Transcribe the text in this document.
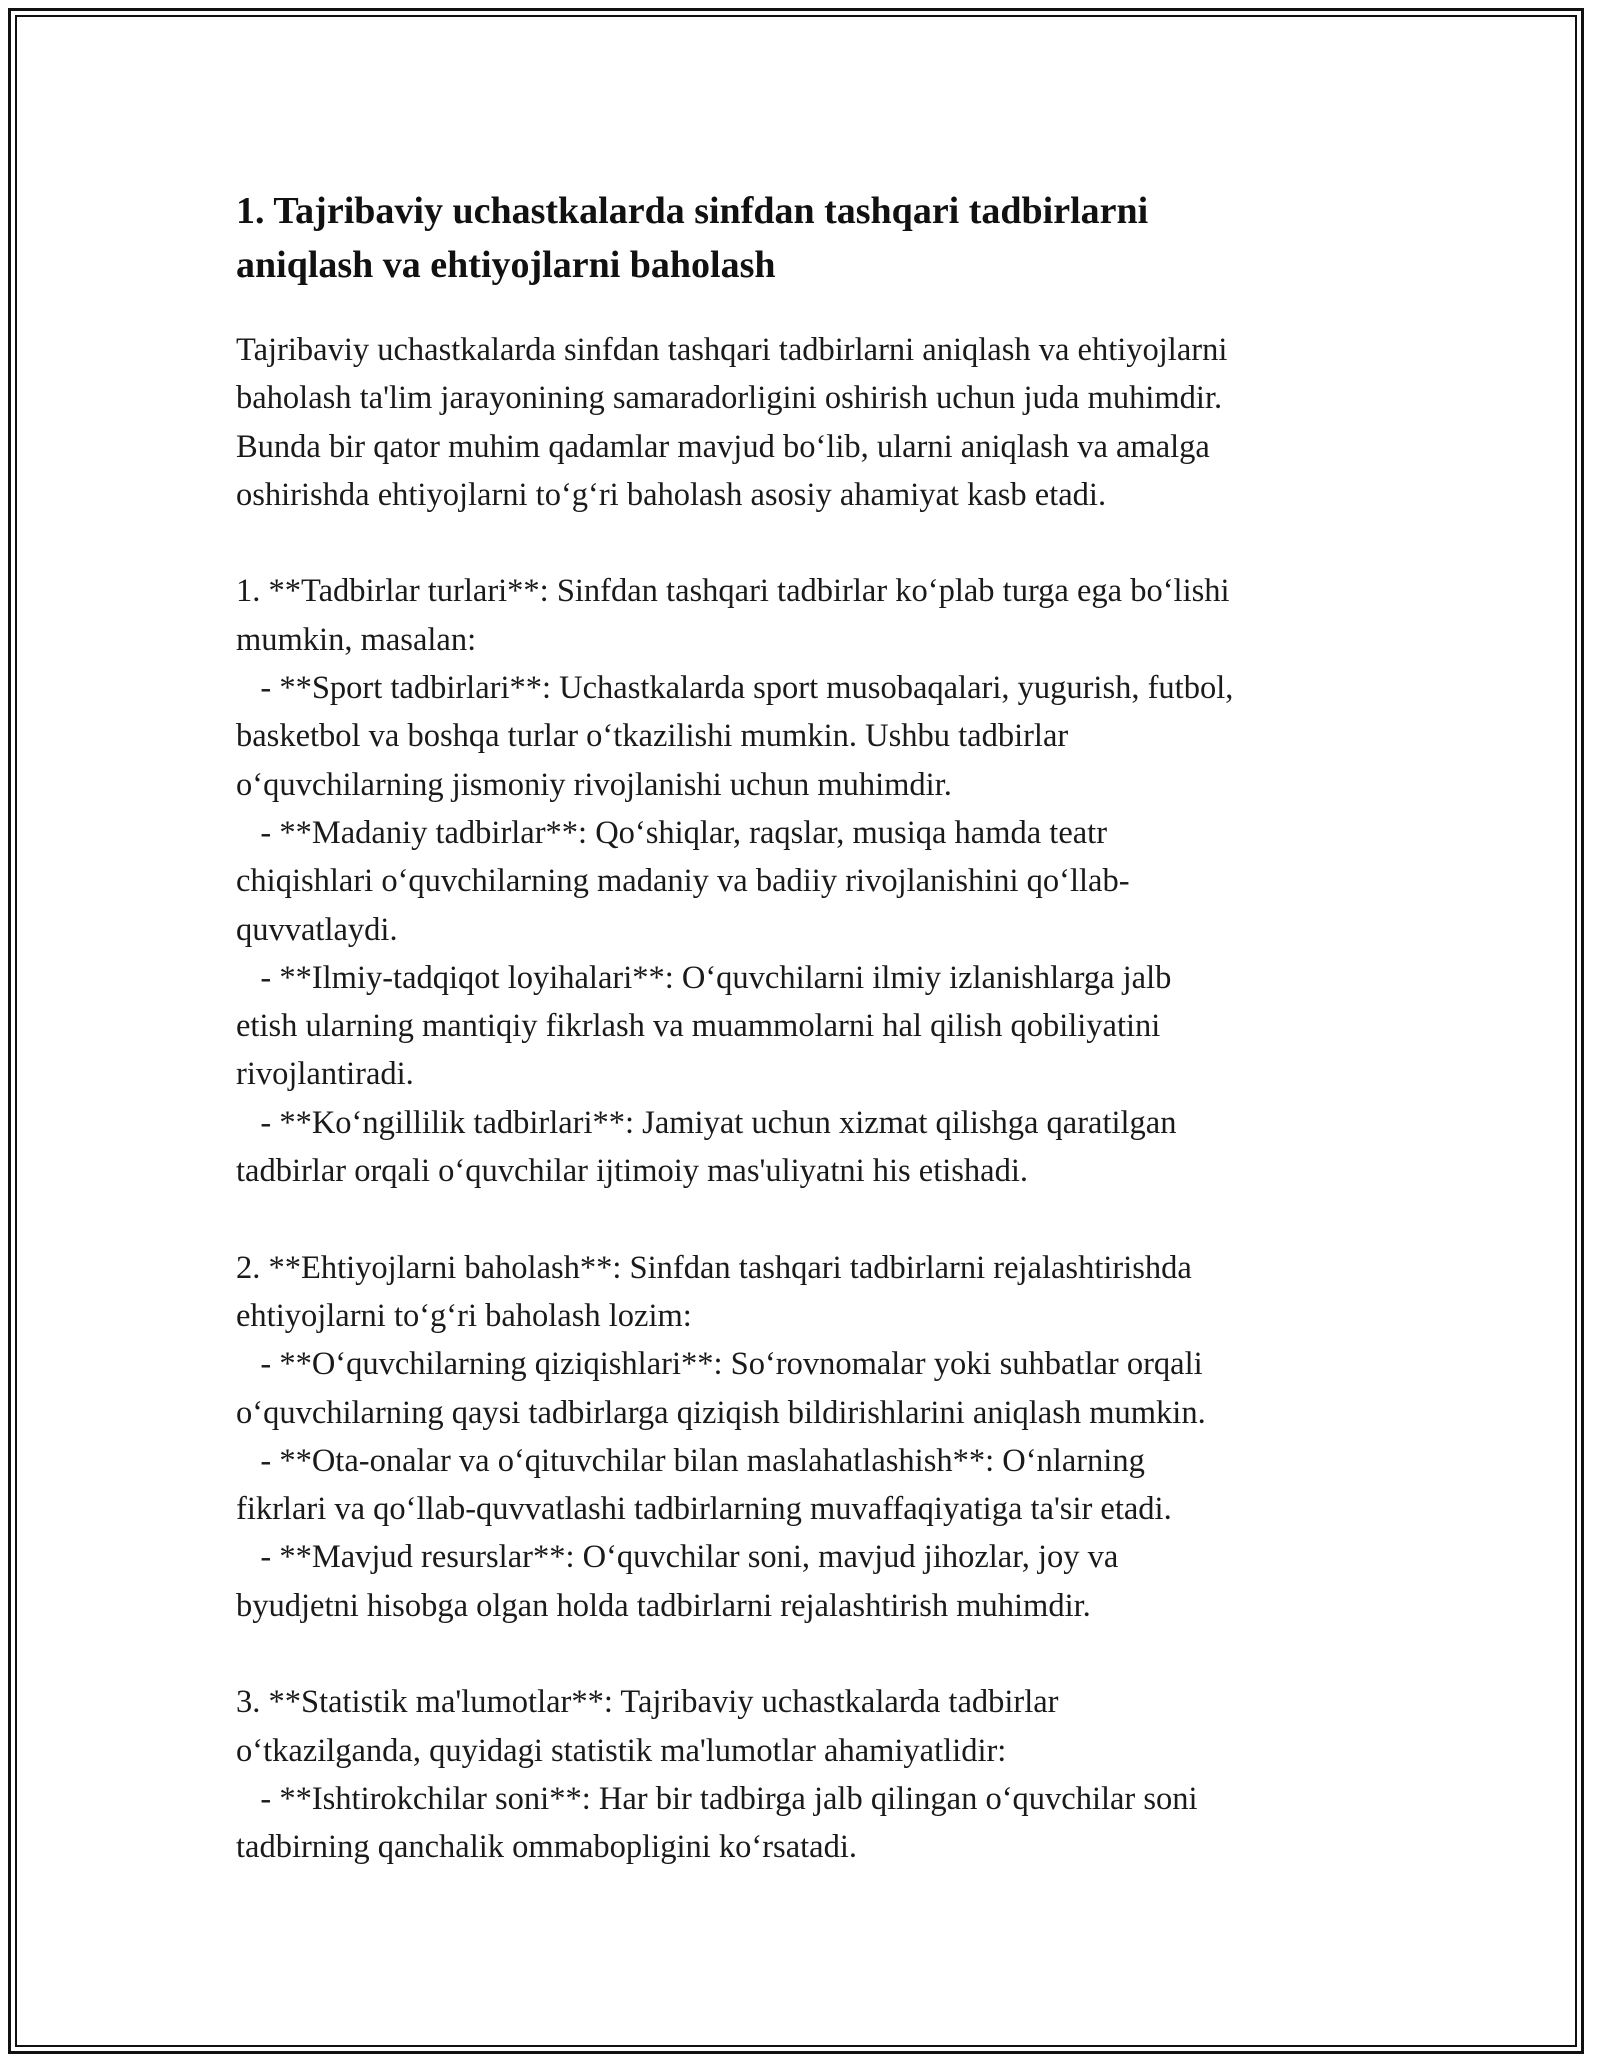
1. Tajribaviy uchastkalarda sinfdan tashqari tadbirlarni
aniqlash va ehtiyojlarni baholash

Tajribaviy uchastkalarda sinfdan tashqari tadbirlarni aniqlash va ehtiyojlarni

baholash ta'lim jarayonining samaradorligini oshirish uchun juda muhimdir.

Bunda bir qator muhim qadamlar mavjud bo‘lib, ularni aniqlash va amalga

oshirishda ehtiyojlarni to‘g‘ri baholash asosiy ahamiyat kasb etadi.

1. **Tadbirlar turlari**: Sinfdan tashqari tadbirlar ko‘plab turga ega bo‘lishi

mumkin, masalan:

- **Sport tadbirlari**: Uchastkalarda sport musobaqalari, yugurish, futbol,

basketbol va boshqa turlar o‘tkazilishi mumkin. Ushbu tadbirlar

o‘quvchilarning jismoniy rivojlanishi uchun muhimdir.

- **Madaniy tadbirlar**: Qo‘shiqlar, raqslar, musiqa hamda teatr

chiqishlari o‘quvchilarning madaniy va badiiy rivojlanishini qo‘llab-

quvvatlaydi.

- **Ilmiy-tadqiqot loyihalari**: O‘quvchilarni ilmiy izlanishlarga jalb

etish ularning mantiqiy fikrlash va muammolarni hal qilish qobiliyatini

rivojlantiradi.

- **Ko‘ngillilik tadbirlari**: Jamiyat uchun xizmat qilishga qaratilgan

tadbirlar orqali o‘quvchilar ijtimoiy mas'uliyatni his etishadi.

2. **Ehtiyojlarni baholash**: Sinfdan tashqari tadbirlarni rejalashtirishda

ehtiyojlarni to‘g‘ri baholash lozim:

- **O‘quvchilarning qiziqishlari**: So‘rovnomalar yoki suhbatlar orqali

o‘quvchilarning qaysi tadbirlarga qiziqish bildirishlarini aniqlash mumkin.

- **Ota-onalar va o‘qituvchilar bilan maslahatlashish**: O‘nlarning

fikrlari va qo‘llab-quvvatlashi tadbirlarning muvaffaqiyatiga ta'sir etadi.

- **Mavjud resurslar**: O‘quvchilar soni, mavjud jihozlar, joy va

byudjetni hisobga olgan holda tadbirlarni rejalashtirish muhimdir.

3. **Statistik ma'lumotlar**: Tajribaviy uchastkalarda tadbirlar

o‘tkazilganda, quyidagi statistik ma'lumotlar ahamiyatlidir:

- **Ishtirokchilar soni**: Har bir tadbirga jalb qilingan o‘quvchilar soni

tadbirning qanchalik ommabopligini ko‘rsatadi.
